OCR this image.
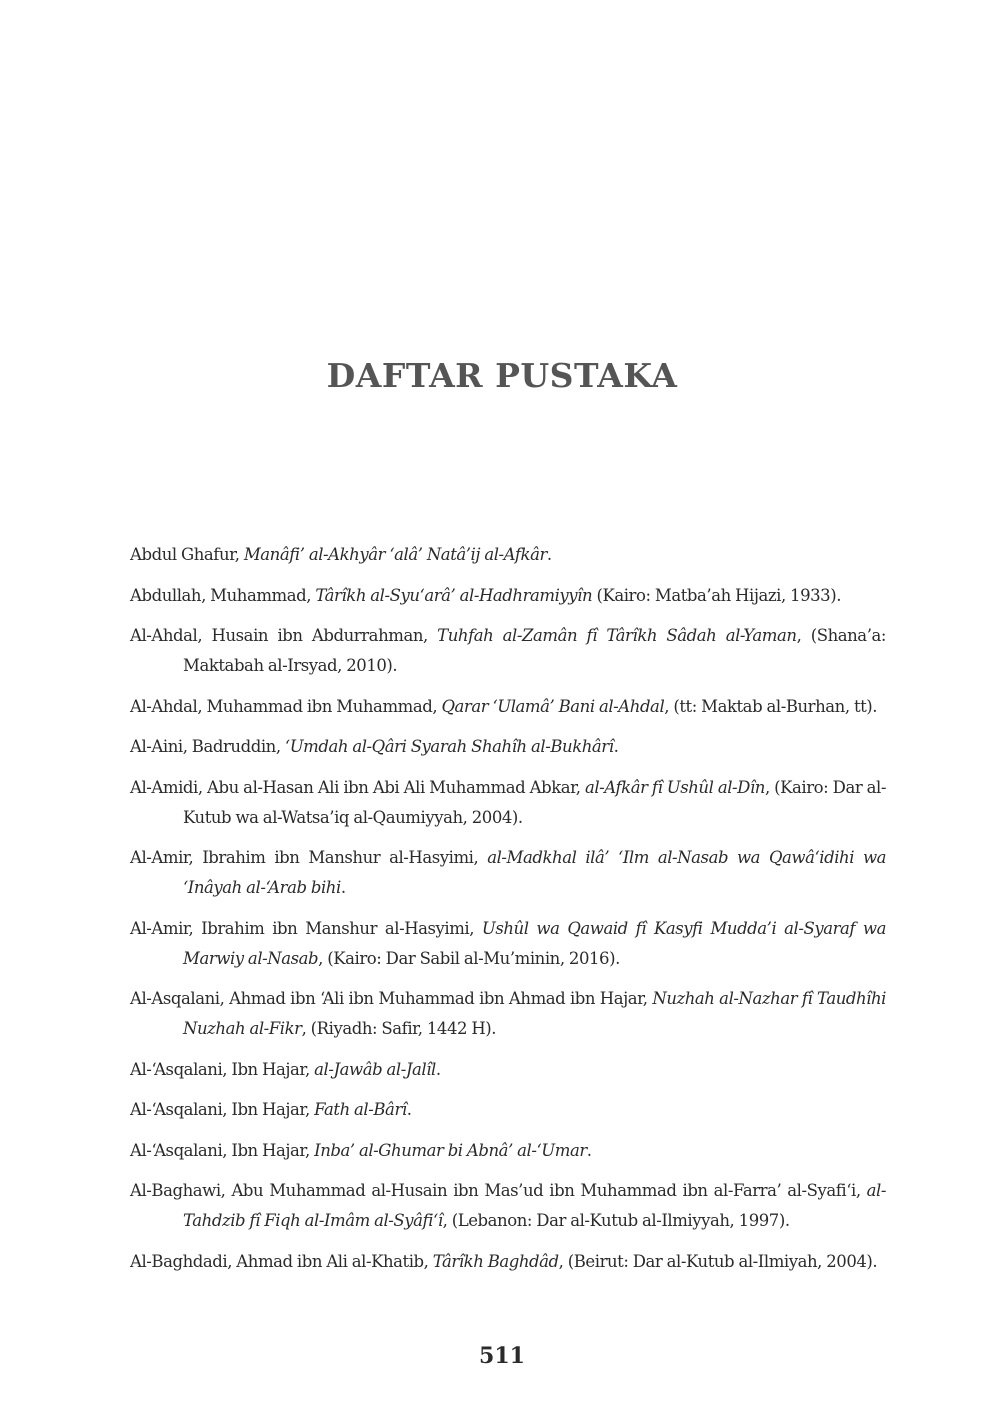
DAFTAR PUSTAKA
Abdul Ghafur, Manâfi’ al-Akhyâr ‘alâ’ Natâ’ij al-Afkâr.
Abdullah, Muhammad, Târîkh al-Syu‘arâ’ al-Hadhramiyyîn (Kairo: Matba’ah Hijazi, 1933).
Al-Ahdal, Husain ibn Abdurrahman, Tuhfah al-Zamân fî Târîkh Sâdah al-Yaman, (Shana’a: Maktabah al-Irsyad, 2010).
Al-Ahdal, Muhammad ibn Muhammad, Qarar ‘Ulamâ’ Bani al-Ahdal, (tt: Maktab al-Burhan, tt).
Al-Aini, Badruddin, ‘Umdah al-Qâri Syarah Shahîh al-Bukhârî.
Al-Amidi, Abu al-Hasan Ali ibn Abi Ali Muhammad Abkar, al-Afkâr fî Ushûl al-Dîn, (Kairo: Dar al-Kutub wa al-Watsa’iq al-Qaumiyyah, 2004).
Al-Amir, Ibrahim ibn Manshur al-Hasyimi, al-Madkhal ilâ’ ‘Ilm al-Nasab wa Qawâ‘idihi wa ‘Inâyah al-‘Arab bihi.
Al-Amir, Ibrahim ibn Manshur al-Hasyimi, Ushûl wa Qawaid fî Kasyfi Mudda’i al-Syaraf wa Marwiy al-Nasab, (Kairo: Dar Sabil al-Mu’minin, 2016).
Al-Asqalani, Ahmad ibn ‘Ali ibn Muhammad ibn Ahmad ibn Hajar, Nuzhah al-Nazhar fî Taudhîhi Nuzhah al-Fikr, (Riyadh: Safir, 1442 H).
Al-‘Asqalani, Ibn Hajar, al-Jawâb al-Jalîl.
Al-‘Asqalani, Ibn Hajar, Fath al-Bârî.
Al-‘Asqalani, Ibn Hajar, Inba’ al-Ghumar bi Abnâ’ al-‘Umar.
Al-Baghawi, Abu Muhammad al-Husain ibn Mas’ud ibn Muhammad ibn al-Farra’ al-Syafi‘i, al-Tahdzib fî Fiqh al-Imâm al-Syâfi‘î, (Lebanon: Dar al-Kutub al-Ilmiyyah, 1997).
Al-Baghdadi, Ahmad ibn Ali al-Khatib, Târîkh Baghdâd, (Beirut: Dar al-Kutub al-Ilmiyah, 2004).
511
